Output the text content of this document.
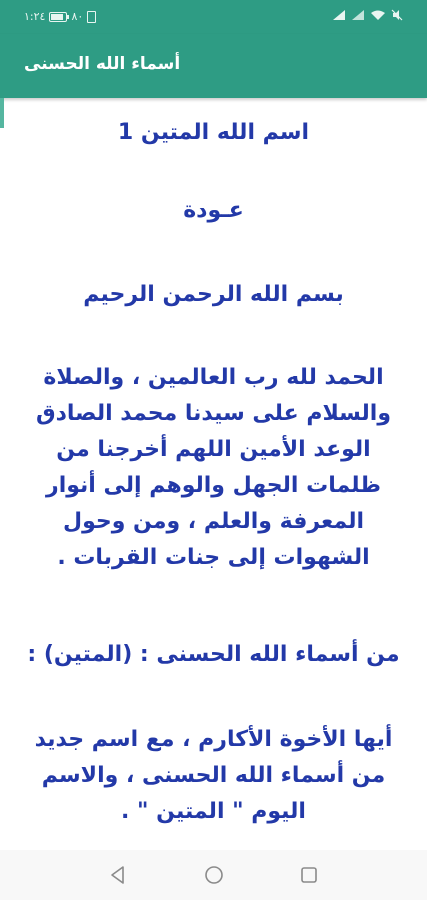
١:٢٤ ٨٠
أسماء الله الحسنى

اسم الله المتين 1

عـودة

بسم الله الرحمن الرحيم

الحمد لله رب العالمين ، والصلاة والسلام على سيدنا محمد الصادق الوعد الأمين اللهم أخرجنا من ظلمات الجهل والوهم إلى أنوار المعرفة والعلم ، ومن وحول الشهوات إلى جنات القربات .

من أسماء الله الحسنى : (المتين) :

أيها الأخوة الأكارم ، مع اسم جديد من أسماء الله الحسنى ، والاسم اليوم " المتين " .
